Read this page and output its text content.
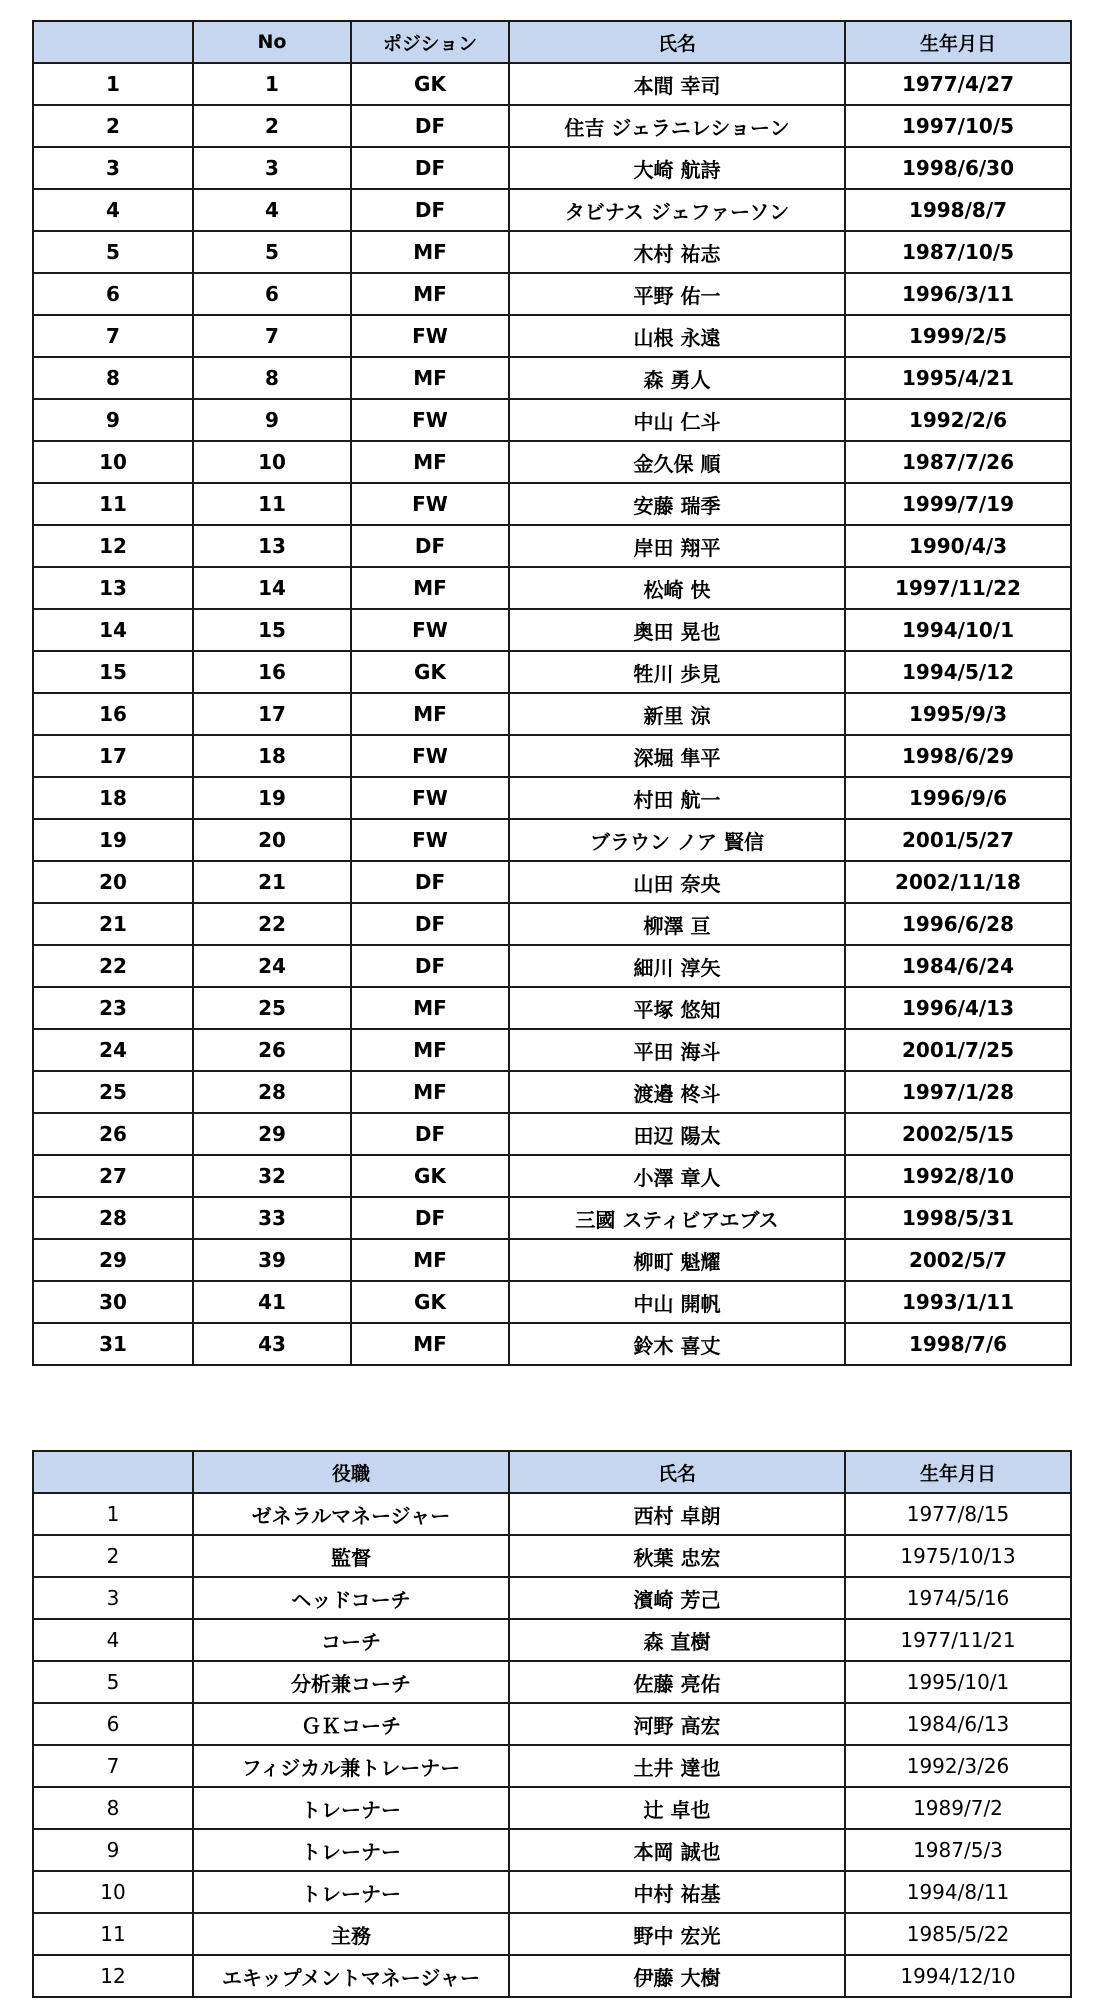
	No	ポジション	氏名	生年月日
1	1	GK	本間 幸司	1977/4/27
2	2	DF	住吉 ジェラニレショーン	1997/10/5
3	3	DF	大崎 航詩	1998/6/30
4	4	DF	タビナス ジェファーソン	1998/8/7
5	5	MF	木村 祐志	1987/10/5
6	6	MF	平野 佑一	1996/3/11
7	7	FW	山根 永遠	1999/2/5
8	8	MF	森 勇人	1995/4/21
9	9	FW	中山 仁斗	1992/2/6
10	10	MF	金久保 順	1987/7/26
11	11	FW	安藤 瑞季	1999/7/19
12	13	DF	岸田 翔平	1990/4/3
13	14	MF	松崎 快	1997/11/22
14	15	FW	奥田 晃也	1994/10/1
15	16	GK	牲川 歩見	1994/5/12
16	17	MF	新里 涼	1995/9/3
17	18	FW	深堀 隼平	1998/6/29
18	19	FW	村田 航一	1996/9/6
19	20	FW	ブラウン ノア 賢信	2001/5/27
20	21	DF	山田 奈央	2002/11/18
21	22	DF	柳澤 亘	1996/6/28
22	24	DF	細川 淳矢	1984/6/24
23	25	MF	平塚 悠知	1996/4/13
24	26	MF	平田 海斗	2001/7/25
25	28	MF	渡邉 柊斗	1997/1/28
26	29	DF	田辺 陽太	2002/5/15
27	32	GK	小澤 章人	1992/8/10
28	33	DF	三國 スティビアエブス	1998/5/31
29	39	MF	柳町 魁耀	2002/5/7
30	41	GK	中山 開帆	1993/1/11
31	43	MF	鈴木 喜丈	1998/7/6
	役職	氏名	生年月日
1	ゼネラルマネージャー	西村 卓朗	1977/8/15
2	監督	秋葉 忠宏	1975/10/13
3	ヘッドコーチ	濱崎 芳己	1974/5/16
4	コーチ	森 直樹	1977/11/21
5	分析兼コーチ	佐藤 亮佑	1995/10/1
6	ＧＫコーチ	河野 高宏	1984/6/13
7	フィジカル兼トレーナー	土井 達也	1992/3/26
8	トレーナー	辻 卓也	1989/7/2
9	トレーナー	本岡 誠也	1987/5/3
10	トレーナー	中村 祐基	1994/8/11
11	主務	野中 宏光	1985/5/22
12	エキップメントマネージャー	伊藤 大樹	1994/12/10
